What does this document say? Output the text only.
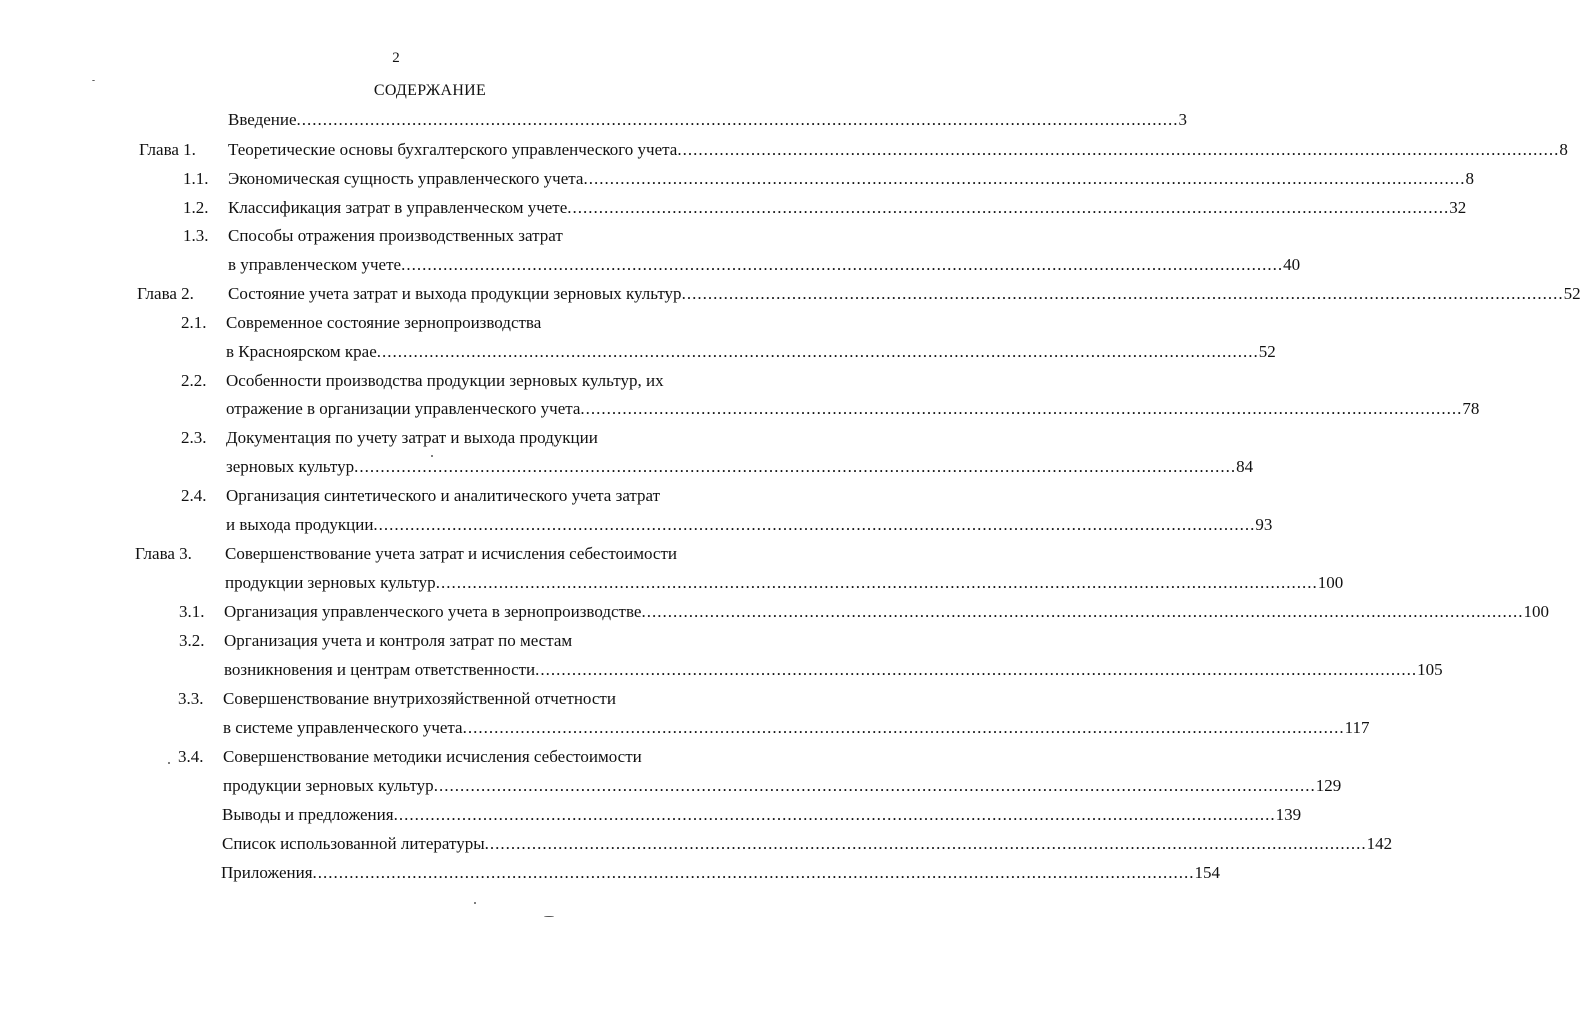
2
СОДЕРЖАНИЕ
Введение ........................................................................................................................................................................ 3
Глава 1. Теоретические основы бухгалтерского управленческого учета ........................................................................................................................................................................ 8
1.1. Экономическая сущность управленческого учета ........................................................................................................................................................................ 8
1.2. Классификация затрат в управленческом учете ........................................................................................................................................................................ 32
1.3. Способы отражения производственных затрат
в управленческом учете ........................................................................................................................................................................ 40
Глава 2. Состояние учета затрат и выхода продукции зерновых культур ........................................................................................................................................................................ 52
2.1. Современное состояние зернопроизводства
в Красноярском крае ........................................................................................................................................................................ 52
2.2. Особенности производства продукции зерновых культур, их
отражение в организации управленческого учета ........................................................................................................................................................................ 78
2.3. Документация по учету затрат и выхода продукции
зерновых культур ........................................................................................................................................................................ 84
2.4. Организация синтетического и аналитического учета затрат
и выхода продукции ........................................................................................................................................................................ 93
Глава 3. Совершенствование учета затрат и исчисления себестоимости
продукции зерновых культур ........................................................................................................................................................................ 100
3.1. Организация управленческого учета в зернопроизводстве ........................................................................................................................................................................ 100
3.2. Организация учета и контроля затрат по местам
возникновения и центрам ответственности ........................................................................................................................................................................ 105
3.3. Совершенствование внутрихозяйственной отчетности
в системе управленческого учета ........................................................................................................................................................................ 117
3.4. Совершенствование методики исчисления себестоимости
продукции зерновых культур ........................................................................................................................................................................ 129
Выводы и предложения ........................................................................................................................................................................ 139
Список использованной литературы ........................................................................................................................................................................ 142
Приложения ........................................................................................................................................................................ 154
